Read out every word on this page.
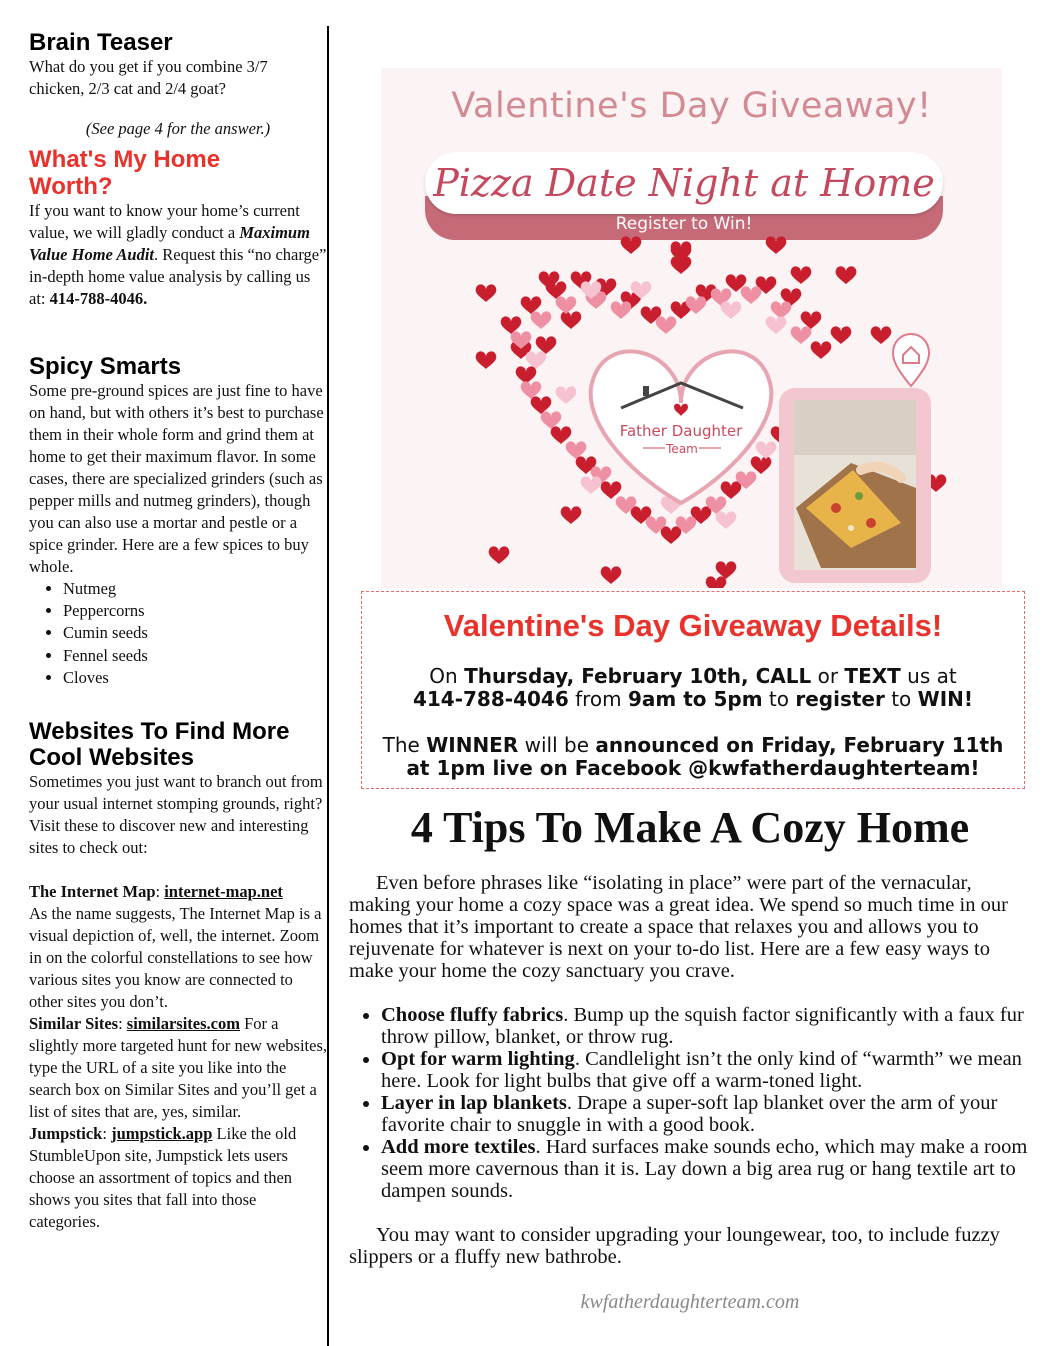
Brain Teaser

What do you get if you combine 3/7 chicken, 2/3 cat and 2/4 goat?

(See page 4 for the answer.)

What's My Home
Worth?

If you want to know your home’s current value, we will gladly conduct a Maximum Value Home Audit. Request this “no charge” in-depth home value analysis by calling us at: 414-788-4046.

Spicy Smarts

Some pre-ground spices are just fine to have on hand, but with others it’s best to purchase them in their whole form and grind them at home to get their maximum flavor. In some cases, there are specialized grinders (such as pepper mills and nutmeg grinders), though you can also use a mortar and pestle or a spice grinder. Here are a few spices to buy whole.

• Nutmeg
• Peppercorns
• Cumin seeds
• Fennel seeds
• Cloves
Websites To Find More
Cool Websites

Sometimes you just want to branch out from your usual internet stomping grounds, right? Visit these to discover new and interesting sites to check out:

The Internet Map: internet-map.net

As the name suggests, The Internet Map is a visual depiction of, well, the internet. Zoom in on the colorful constellations to see how various sites you know are connected to other sites you don’t.

Similar Sites: similarsites.com For a slightly more targeted hunt for new websites, type the URL of a site you like into the search box on Similar Sites and you’ll get a list of sites that are, yes, similar.

Jumpstick: jumpstick.app Like the old StumbleUpon site, Jumpstick lets users choose an assortment of topics and then shows you sites that fall into those categories.

Valentine's Day Giveaway!
Pizza Date Night at Home
Register to Win!
Father Daughter
Team
Valentine's Day Giveaway Details!
On Thursday, February 10th, CALL or TEXT us at
414-788-4046 from 9am to 5pm to register to WIN!
The WINNER will be announced on Friday, February 11th
at 1pm live on Facebook @kwfatherdaughterteam!
4 Tips To Make A Cozy Home

Even before phrases like “isolating in place” were part of the vernacular, making your home a cozy space was a great idea. We spend so much time in our homes that it’s important to create a space that relaxes you and allows you to rejuvenate for whatever is next on your to-do list. Here are a few easy ways to make your home the cozy sanctuary you crave.

• Choose fluffy fabrics. Bump up the squish factor significantly with a faux fur throw pillow, blanket, or throw rug.
• Opt for warm lighting. Candlelight isn’t the only kind of “warmth” we mean here. Look for light bulbs that give off a warm-toned light.
• Layer in lap blankets. Drape a super-soft lap blanket over the arm of your favorite chair to snuggle in with a good book.
• Add more textiles. Hard surfaces make sounds echo, which may make a room seem more cavernous than it is. Lay down a big area rug or hang textile art to dampen sounds.

You may want to consider upgrading your loungewear, too, to include fuzzy slippers or a fluffy new bathrobe.

kwfatherdaughterteam.com
